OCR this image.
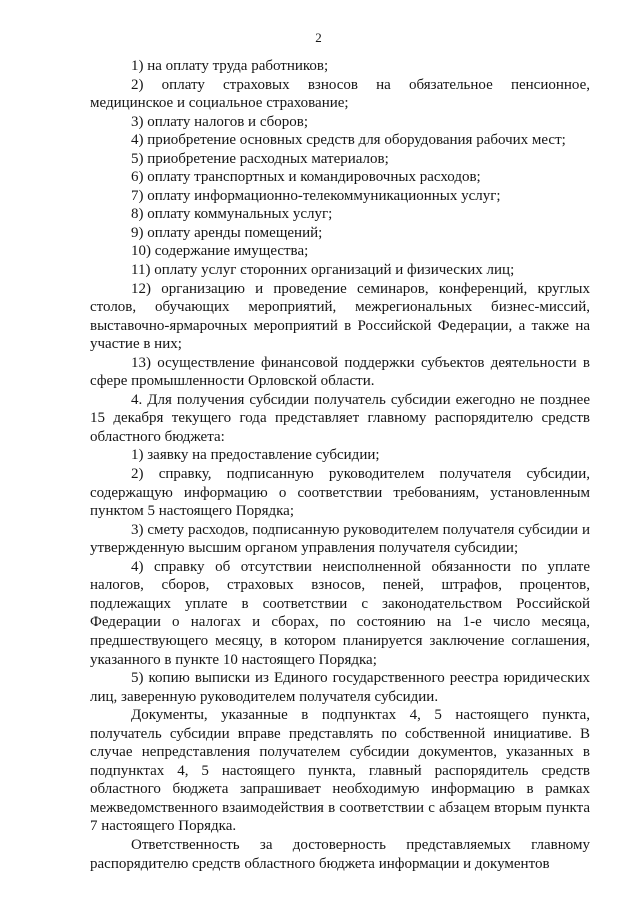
2

1) на оплату труда работников;

2) оплату страховых взносов на обязательное пенсионное, медицинское и социальное страхование;

3) оплату налогов и сборов;

4) приобретение основных средств для оборудования рабочих мест;

5) приобретение расходных материалов;

6) оплату транспортных и командировочных расходов;

7) оплату информационно-телекоммуникационных услуг;

8) оплату коммунальных услуг;

9) оплату аренды помещений;

10) содержание имущества;

11) оплату услуг сторонних организаций и физических лиц;

12) организацию и проведение семинаров, конференций, круглых столов, обучающих мероприятий, межрегиональных бизнес-миссий, выставочно-ярмарочных мероприятий в Российской Федерации, а также на участие в них;

13) осуществление финансовой поддержки субъектов деятельности в сфере промышленности Орловской области.

4. Для получения субсидии получатель субсидии ежегодно не позднее 15 декабря текущего года представляет главному распорядителю средств областного бюджета:

1) заявку на предоставление субсидии;

2) справку, подписанную руководителем получателя субсидии, содержащую информацию о соответствии требованиям, установленным пунктом 5 настоящего Порядка;

3) смету расходов, подписанную руководителем получателя субсидии и утвержденную высшим органом управления получателя субсидии;

4) справку об отсутствии неисполненной обязанности по уплате налогов, сборов, страховых взносов, пеней, штрафов, процентов, подлежащих уплате в соответствии с законодательством Российской Федерации о налогах и сборах, по состоянию на 1-е число месяца, предшествующего месяцу, в котором планируется заключение соглашения, указанного в пункте 10 настоящего Порядка;

5) копию выписки из Единого государственного реестра юридических лиц, заверенную руководителем получателя субсидии.

Документы, указанные в подпунктах 4, 5 настоящего пункта, получатель субсидии вправе представлять по собственной инициативе. В случае непредставления получателем субсидии документов, указанных в подпунктах 4, 5 настоящего пункта, главный распорядитель средств областного бюджета запрашивает необходимую информацию в рамках межведомственного взаимодействия в соответствии с абзацем вторым пункта 7 настоящего Порядка.

Ответственность за достоверность представляемых главному распорядителю средств областного бюджета информации и документов
